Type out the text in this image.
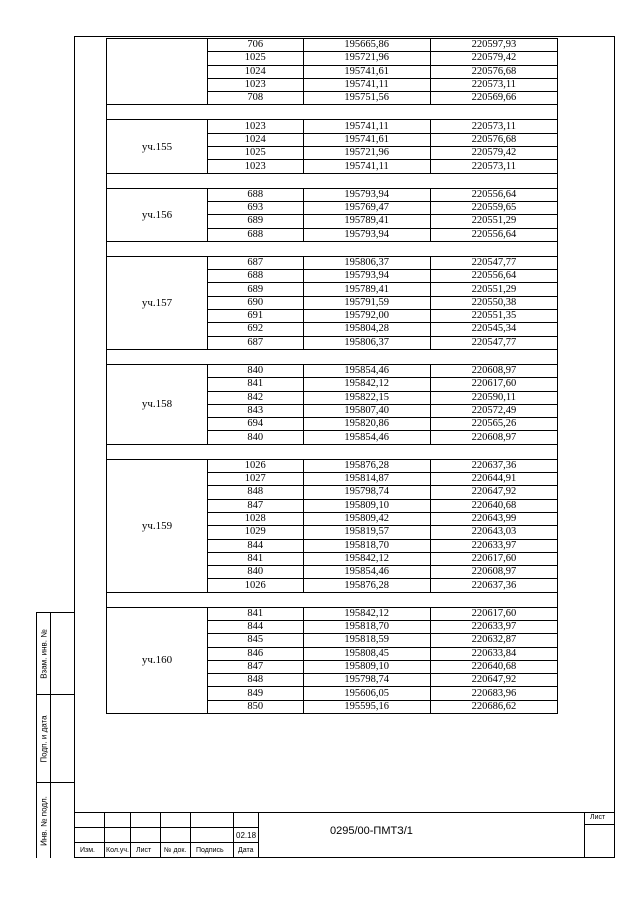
Взам. инв. №
Подп. и дата
Инв. № подл.
	706	195665,86	220597,93
	1025	195721,96	220579,42
	1024	195741,61	220576,68
	1023	195741,11	220573,11
	708	195751,56	220569,66

уч.155	1023	195741,11	220573,11
	1024	195741,61	220576,68
	1025	195721,96	220579,42
	1023	195741,11	220573,11

уч.156	688	195793,94	220556,64
	693	195769,47	220559,65
	689	195789,41	220551,29
	688	195793,94	220556,64

уч.157	687	195806,37	220547,77
	688	195793,94	220556,64
	689	195789,41	220551,29
	690	195791,59	220550,38
	691	195792,00	220551,35
	692	195804,28	220545,34
	687	195806,37	220547,77

уч.158	840	195854,46	220608,97
	841	195842,12	220617,60
	842	195822,15	220590,11
	843	195807,40	220572,49
	694	195820,86	220565,26
	840	195854,46	220608,97

уч.159	1026	195876,28	220637,36
	1027	195814,87	220644,91
	848	195798,74	220647,92
	847	195809,10	220640,68
	1028	195809,42	220643,99
	1029	195819,57	220643,03
	844	195818,70	220633,97
	841	195842,12	220617,60
	840	195854,46	220608,97
	1026	195876,28	220637,36

уч.160	841	195842,12	220617,60
	844	195818,70	220633,97
	845	195818,59	220632,87
	846	195808,45	220633,84
	847	195809,10	220640,68
	848	195798,74	220647,92
	849	195606,05	220683,96
	850	195595,16	220686,62
Изм. Кол.уч. Лист № док. Подпись Дата
02.18
Лист
0295/00-ПМТЗ/1
